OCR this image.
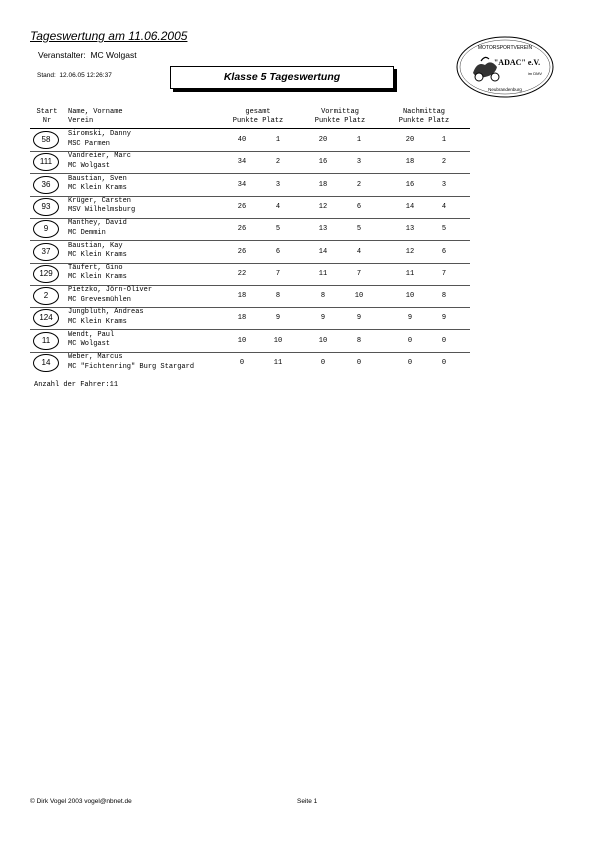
Tageswertung am 11.06.2005
Veranstalter: MC Wolgast
Stand: 12.06.05 12:26:37	Klasse 5 Tageswertung
MOTORSPORTVEREIN
"ADAC" e.V.
im DMV
Neubrandenburg
Start
Nr
Name, Vorname
Verein
gesamt
Punkte Platz
Vormittag
Punkte Platz
Nachmittag
Punkte Platz
58
Siromski, Danny
MSC Parmen	40	1	20	1	20	1
111
Vandreier, Marc
MC Wolgast	34	2	16	3	18	2
36
Baustian, Sven
MC Klein Krams	34	3	18	2	16	3
93
Krüger, Carsten
MSV Wilhelmsburg	26	4	12	6	14	4
9
Manthey, David
MC Demmin	26	5	13	5	13	5
37
Baustian, Kay
MC Klein Krams	26	6	14	4	12	6
129
Täufert, Gino
MC Klein Krams	22	7	11	7	11	7
2
Pietzko, Jörn-Oliver
MC Grevesmühlen	18	8	8	10	10	8
124
Jungbluth, Andreas
MC Klein Krams	18	9	9	9	9	9
11
Wendt, Paul
MC Wolgast	10	10	10	8	0	0
14
Weber, Marcus
MC "Fichtenring" Burg Stargard	0	11	0	0	0	0
Anzahl der Fahrer:11
© Dirk Vogel 2003 vogel@nbnet.de	Seite 1
